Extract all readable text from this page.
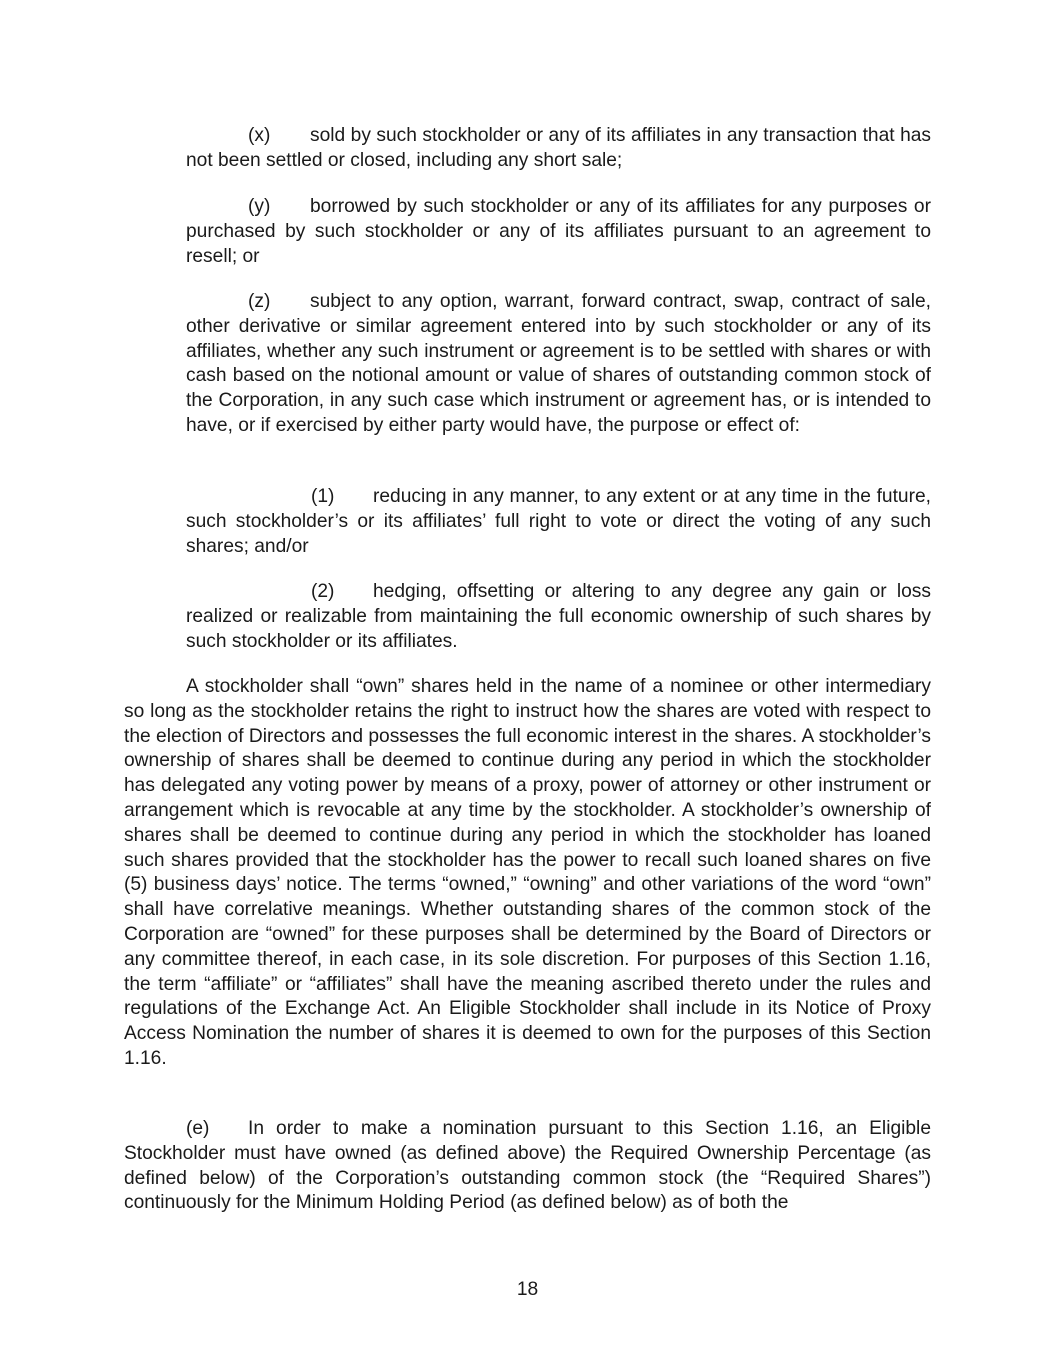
(x) sold by such stockholder or any of its affiliates in any transaction that has not been settled or closed, including any short sale;

(y) borrowed by such stockholder or any of its affiliates for any purposes or purchased by such stockholder or any of its affiliates pursuant to an agreement to resell; or

(z) subject to any option, warrant, forward contract, swap, contract of sale, other derivative or similar agreement entered into by such stockholder or any of its affiliates, whether any such instrument or agreement is to be settled with shares or with cash based on the notional amount or value of shares of outstanding common stock of the Corporation, in any such case which instrument or agreement has, or is intended to have, or if exercised by either party would have, the purpose or effect of:

(1) reducing in any manner, to any extent or at any time in the future, such stockholder’s or its affiliates’ full right to vote or direct the voting of any such shares; and/or

(2) hedging, offsetting or altering to any degree any gain or loss realized or realizable from maintaining the full economic ownership of such shares by such stockholder or its affiliates.

A stockholder shall “own” shares held in the name of a nominee or other intermediary so long as the stockholder retains the right to instruct how the shares are voted with respect to the election of Directors and possesses the full economic interest in the shares. A stockholder’s ownership of shares shall be deemed to continue during any period in which the stockholder has delegated any voting power by means of a proxy, power of attorney or other instrument or arrangement which is revocable at any time by the stockholder. A stockholder’s ownership of shares shall be deemed to continue during any period in which the stockholder has loaned such shares provided that the stockholder has the power to recall such loaned shares on five (5) business days’ notice. The terms “owned,” “owning” and other variations of the word “own” shall have correlative meanings. Whether outstanding shares of the common stock of the Corporation are “owned” for these purposes shall be determined by the Board of Directors or any committee thereof, in each case, in its sole discretion. For purposes of this Section 1.16, the term “affiliate” or “affiliates” shall have the meaning ascribed thereto under the rules and regulations of the Exchange Act. An Eligible Stockholder shall include in its Notice of Proxy Access Nomination the number of shares it is deemed to own for the purposes of this Section 1.16.

(e) In order to make a nomination pursuant to this Section 1.16, an Eligible Stockholder must have owned (as defined above) the Required Ownership Percentage (as defined below) of the Corporation’s outstanding common stock (the “Required Shares”) continuously for the Minimum Holding Period (as defined below) as of both the

18
